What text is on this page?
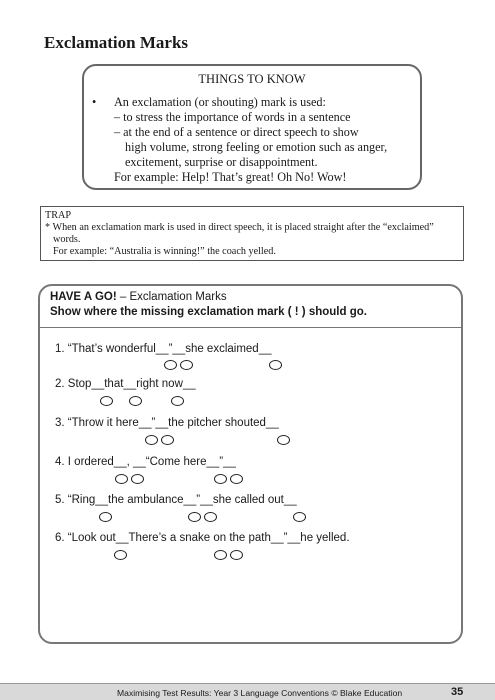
Exclamation Marks
THINGS TO KNOW
• An exclamation (or shouting) mark is used:
– to stress the importance of words in a sentence
– at the end of a sentence or direct speech to show
high volume, strong feeling or emotion such as anger,
excitement, surprise or disappointment.
For example: Help! That’s great! Oh No! Wow!
TRAP
* When an exclamation mark is used in direct speech, it is placed straight after the “exclaimed”
words.
For example: “Australia is winning!” the coach yelled.
HAVE A GO! – Exclamation Marks
Show where the missing exclamation mark ( ! ) should go.
1. “That’s wonderful__”__she exclaimed__
2. Stop__that__right now__
3. “Throw it here__”__the pitcher shouted__
4. I ordered__, __“Come here__”__
5. “Ring__the ambulance__”__she called out__
6. “Look out__There’s a snake on the path__”__he yelled.
Maximising Test Results: Year 3 Language Conventions © Blake Education	35
